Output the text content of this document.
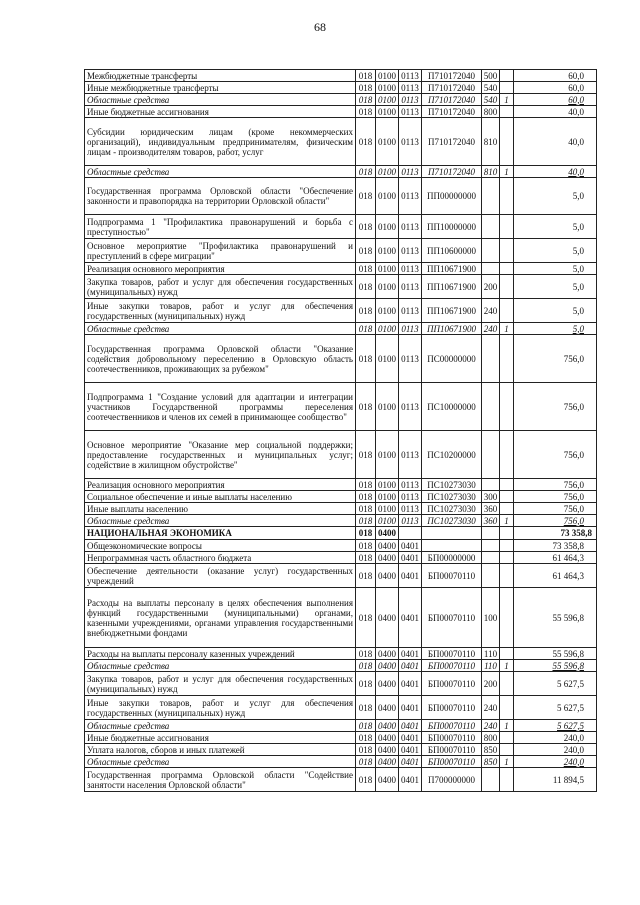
68
Межбюджетные трансферты	018	0100	0113	П710172040	500		60,0
Иные межбюджетные трансферты	018	0100	0113	П710172040	540		60,0
Областные средства	018	0100	0113	П710172040	540	1	60,0
Иные бюджетные ассигнования	018	0100	0113	П710172040	800		40,0
Субсидии юридическим лицам (кроме некоммерческих организаций), индивидуальным предпринимателям, физическим лицам - производителям товаров, работ, услуг	018	0100	0113	П710172040	810		40,0
Областные средства	018	0100	0113	П710172040	810	1	40,0
Государственная программа Орловской области "Обеспечение законности и правопорядка на территории Орловской области"	018	0100	0113	ПП00000000			5,0
Подпрограмма 1 "Профилактика правонарушений и борьба с преступностью"	018	0100	0113	ПП10000000			5,0
Основное мероприятие "Профилактика правонарушений и преступлений в сфере миграции"	018	0100	0113	ПП10600000			5,0
Реализация основного мероприятия	018	0100	0113	ПП10671900			5,0
Закупка товаров, работ и услуг для обеспечения государственных (муниципальных) нужд	018	0100	0113	ПП10671900	200		5,0
Иные закупки товаров, работ и услуг для обеспечения государственных (муниципальных) нужд	018	0100	0113	ПП10671900	240		5,0
Областные средства	018	0100	0113	ПП10671900	240	1	5,0
Государственная программа Орловской области "Оказание содействия добровольному переселению в Орловскую область соотечественников, проживающих за рубежом"	018	0100	0113	ПС00000000			756,0
Подпрограмма 1 "Создание условий для адаптации и интеграции участников Государственной программы переселения соотечественников и членов их семей в принимающее сообщество"	018	0100	0113	ПС10000000			756,0
Основное мероприятие "Оказание мер социальной поддержки; предоставление государственных и муниципальных услуг; содействие в жилищном обустройстве"	018	0100	0113	ПС10200000			756,0
Реализация основного мероприятия	018	0100	0113	ПС10273030			756,0
Социальное обеспечение и иные выплаты населению	018	0100	0113	ПС10273030	300		756,0
Иные выплаты населению	018	0100	0113	ПС10273030	360		756,0
Областные средства	018	0100	0113	ПС10273030	360	1	756,0
НАЦИОНАЛЬНАЯ ЭКОНОМИКА	018	0400					73 358,8
Общеэкономические вопросы	018	0400	0401				73 358,8
Непрограммная часть областного бюджета	018	0400	0401	БП00000000			61 464,3
Обеспечение деятельности (оказание услуг) государственных учреждений	018	0400	0401	БП00070110			61 464,3
Расходы на выплаты персоналу в целях обеспечения выполнения функций государственными (муниципальными) органами, казенными учреждениями, органами управления государственными внебюджетными фондами	018	0400	0401	БП00070110	100		55 596,8
Расходы на выплаты персоналу казенных учреждений	018	0400	0401	БП00070110	110		55 596,8
Областные средства	018	0400	0401	БП00070110	110	1	55 596,8
Закупка товаров, работ и услуг для обеспечения государственных (муниципальных) нужд	018	0400	0401	БП00070110	200		5 627,5
Иные закупки товаров, работ и услуг для обеспечения государственных (муниципальных) нужд	018	0400	0401	БП00070110	240		5 627,5
Областные средства	018	0400	0401	БП00070110	240	1	5 627,5
Иные бюджетные ассигнования	018	0400	0401	БП00070110	800		240,0
Уплата налогов, сборов и иных платежей	018	0400	0401	БП00070110	850		240,0
Областные средства	018	0400	0401	БП00070110	850	1	240,0
Государственная программа Орловской области "Содействие занятости населения Орловской области"	018	0400	0401	П700000000			11 894,5
